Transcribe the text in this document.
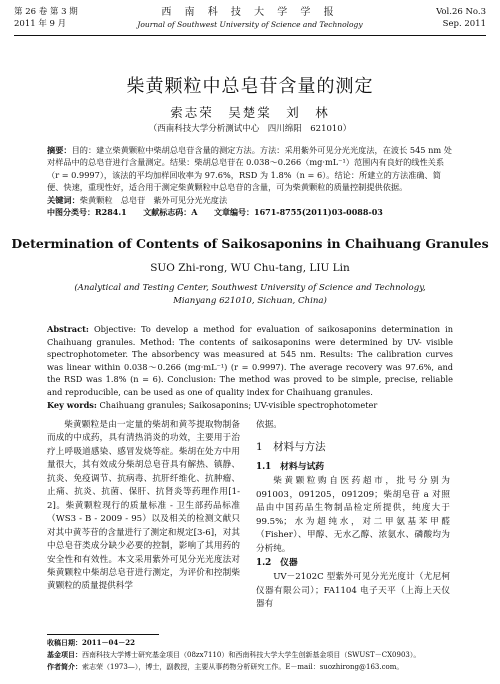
第 26 卷 第 3 期
2011 年 9 月
西 南 科 技 大 学 学 报
Journal of Southwest University of Science and Technology
Vol.26 No.3
Sep. 2011
柴黄颗粒中总皂苷含量的测定
索志荣　吴楚棠　刘　林
（西南科技大学分析测试中心　四川绵阳　621010）
摘要：目的：建立柴黄颗粒中柴胡总皂苷含量的测定方法。方法：采用紫外可见分光光度法，在波长 545 nm 处对样品中的总皂苷进行含量测定。结果：柴胡总皂苷在 0.038～0.266（mg·mL⁻¹）范围内有良好的线性关系（r = 0.9997），该法的平均加样回收率为 97.6%，RSD 为 1.8%（n = 6）。结论：所建立的方法准确、简便、快速，重现性好，适合用于测定柴黄颗粒中总皂苷的含量，可为柴黄颗粒的质量控制提供依据。
关键词：柴黄颗粒　总皂苷　紫外可见分光光度法
中图分类号：R284.1 文献标志码：A 文章编号：1671-8755(2011)03-0088-03
Determination of Contents of Saikosaponins in Chaihuang Granules
SUO Zhi-rong, WU Chu-tang, LIU Lin
(Analytical and Testing Center, Southwest University of Science and Technology,
Mianyang 621010, Sichuan, China)

Abstract: Objective: To develop a method for evaluation of saikosaponins determination in Chaihuang granules. Method: The contents of saikosaponins were determined by UV- visible spectrophotometer. The absorbency was measured at 545 nm. Results: The calibration curves was linear within 0.038～0.266 (mg·mL⁻¹) (r = 0.9997). The average recovery was 97.6%, and the RSD was 1.8% (n = 6). Conclusion: The method was proved to be simple, precise, reliable and reproducible, can be used as one of quality index for Chaihuang granules.

Key words: Chaihuang granules; Saikosaponins; UV-visible spectrophotometer

柴黄颗粒是由一定量的柴胡和黄芩提取物制备而成的中成药，具有清热消炎的功效，主要用于治疗上呼吸道感染、感冒发烧等症。柴胡在处方中用量很大，其有效成分柴胡总皂苷具有解热、镇静、抗炎、免疫调节、抗病毒、抗肝纤维化、抗肿瘤、止痛、抗炎、抗菌、保肝、抗肾炎等药理作用[1-2]。柴黄颗粒现行的质量标准 - 卫生部药品标准（WS3 - B - 2009 - 95）以及相关的检测文献只对其中黄芩苷的含量进行了测定和规定[3-6]，对其中总皂苷类成分缺少必要的控制，影响了其用药的安全性和有效性。本文采用紫外可见分光光度法对柴黄颗粒中柴胡总皂苷进行测定，为评价和控制柴黄颗粒的质量提供科学

依据。
1　材料与方法
1.1　材料与试药

柴黄颗粒购自医药超市，批号分别为 091003，091205，091209；柴胡皂苷 a 对照品由中国药品生物制品检定所提供，纯度大于 99.5%；水为超纯水，对二甲氨基苯甲醛（Fisher）、甲醇、无水乙醇、浓氨水、磷酸均为分析纯。

1.2　仪器

UV－2102C 型紫外可见分光光度计（尤尼柯仪器有限公司）；FA1104 电子天平（上海上天仪器有

收稿日期：2011－04－22
基金项目：西南科技大学博士研究基金项目（08zx7110）和西南科技大学大学生创新基金项目（SWUST－CX0903）。
作者简介：索志荣（1973—），博士，副教授，主要从事药物分析研究工作。E－mail：suozhirong@163.com。
